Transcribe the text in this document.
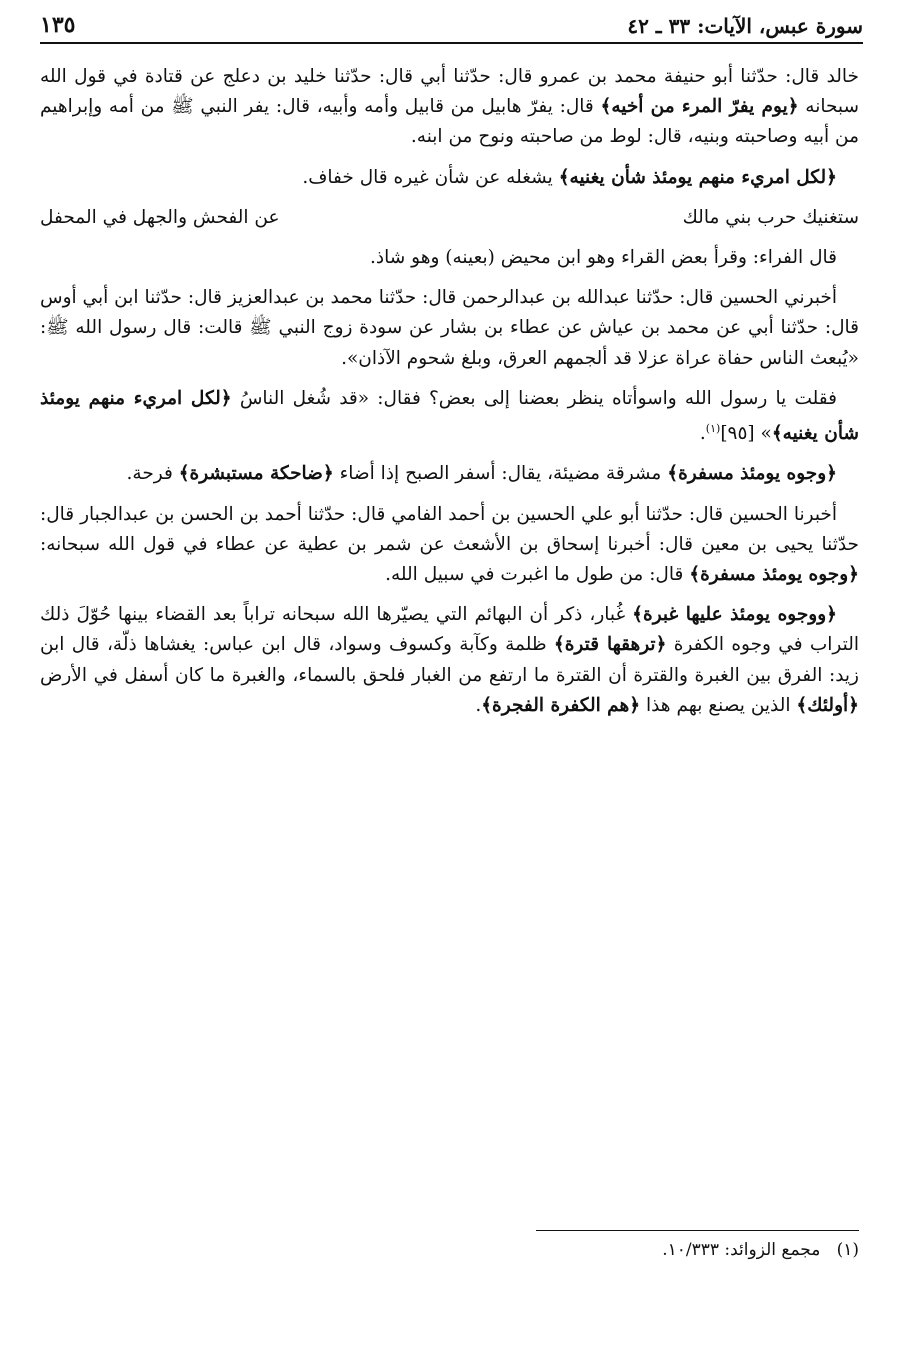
سورة عبس، الآيات: ٣٣ ـ ٤٢
١٣٥

خالد قال: حدّثنا أبو حنيفة محمد بن عمرو قال: حدّثنا أبي قال: حدّثنا خليد بن دعلج عن قتادة في قول الله سبحانه ﴿يوم يفرّ المرء من أخيه﴾ قال: يفرّ هابيل من قابيل وأمه وأبيه، قال: يفر النبي ﷺ من أمه وإبراهيم من أبيه وصاحبته وبنيه، قال: لوط من صاحبته ونوح من ابنه.

﴿لكل امريء منهم يومئذ شأن يغنيه﴾ يشغله عن شأن غيره قال خفاف.

ستغنيك حرب بني مالك
عن الفحش والجهل في المحفل

قال الفراء: وقرأ بعض القراء وهو ابن محيض (بعينه) وهو شاذ.

أخبرني الحسين قال: حدّثنا عبدالله بن عبدالرحمن قال: حدّثنا محمد بن عبدالعزيز قال: حدّثنا ابن أبي أوس قال: حدّثنا أبي عن محمد بن عياش عن عطاء بن بشار عن سودة زوج النبي ﷺ قالت: قال رسول الله ﷺ: «يُبعث الناس حفاة عراة عزلا قد ألجمهم العرق، وبلغ شحوم الآذان».

فقلت يا رسول الله واسوأتاه ينظر بعضنا إلى بعض؟ فقال: «قد شُغل الناسُ ﴿لكل امريء منهم يومئذ شأن يغنيه﴾» [٩٥]$^{(١)}$.

﴿وجوه يومئذ مسفرة﴾ مشرقة مضيئة، يقال: أسفر الصبح إذا أضاء ﴿ضاحكة مستبشرة﴾ فرحة.

أخبرنا الحسين قال: حدّثنا أبو علي الحسين بن أحمد الفامي قال: حدّثنا أحمد بن الحسن بن عبدالجبار قال: حدّثنا يحيى بن معين قال: أخبرنا إسحاق بن الأشعث عن شمر بن عطية عن عطاء في قول الله سبحانه: ﴿وجوه يومئذ مسفرة﴾ قال: من طول ما اغبرت في سبيل الله.

﴿ووجوه يومئذ عليها غبرة﴾ غُبار، ذكر أن البهائم التي يصيّرها الله سبحانه تراباً بعد القضاء بينها حُوّلَ ذلك التراب في وجوه الكفرة ﴿ترهقها قترة﴾ ظلمة وكآبة وكسوف وسواد، قال ابن عباس: يغشاها ذلّة، قال ابن زيد: الفرق بين الغبرة والقترة أن القترة ما ارتفع من الغبار فلحق بالسماء، والغبرة ما كان أسفل في الأرض ﴿أولئك﴾ الذين يصنع بهم هذا ﴿هم الكفرة الفجرة﴾.

(١)   مجمع الزوائد: ١٠/٣٣٣.
